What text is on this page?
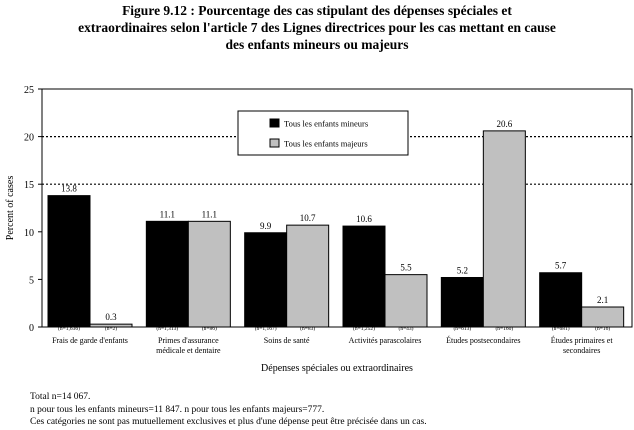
0
5
10
15
20
25
Percent of cases	13.8
(n=1,636)
0.3
(n=2)
Frais de garde d'enfants
11.1
(n=1,313)
11.1
(n=86)
Primes d'assurance
médicale et dentaire
9.9
(n=1,167)
10.7
(n=83)
Soins de santé
10.6
(n=1,252)
5.5
(n=43)
Activités parascolaires
5.2
(n=613)
20.6
(n=160)
Études postsecondaires
5.7
(n=681)
2.1
(n=16)
Études primaires et
secondaires
Dépenses spéciales ou extraordinaires
Tous les enfants mineurs
Tous les enfants majeurs
Figure 9.12 : Pourcentage des cas stipulant des dépenses spéciales et
extraordinaires selon l'article 7 des Lignes directrices pour les cas mettant en cause
des enfants mineurs ou majeurs
Total n=14 067.
n pour tous les enfants mineurs=11 847. n pour tous les enfants majeurs=777.
Ces catégories ne sont pas mutuellement exclusives et plus d'une dépense peut être précisée dans un cas.
